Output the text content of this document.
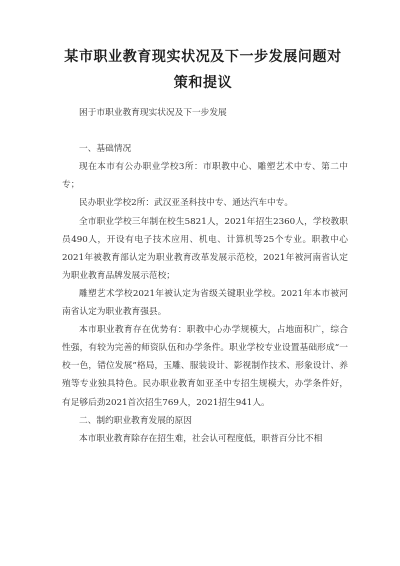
某市职业教育现实状况及下一步发展问题对策和提议

困于市职业教育现实状况及下一步发展

一、基础情况

现在本市有公办职业学校3所：市职教中心、雕塑艺术中专、第二中专；

民办职业学校2所：武汉亚圣科技中专、通达汽车中专。

全市职业学校三年制在校生5821人，2021年招生2360人，学校教职员490人，开设有电子技术应用、机电、计算机等25个专业。职教中心2021年被教育部认定为职业教育改革发展示范校，2021年被河南省认定为职业教育品牌发展示范校；

雕塑艺术学校2021年被认定为省级关键职业学校。2021年本市被河南省认定为职业教育强县。

本市职业教育存在优势有：职教中心办学规模大，占地面积广，综合性强，有较为完善的师资队伍和办学条件。职业学校专业设置基础形成“一校一色，错位发展”格局，玉雕、服装设计、影视制作技术、形象设计、养殖等专业独具特色。民办职业教育如亚圣中专招生规模大，办学条件好，有足够后劲2021首次招生769人，2021招生941人。

二、制约职业教育发展的原因

本市职业教育除存在招生难，社会认可程度低，职普百分比不相
